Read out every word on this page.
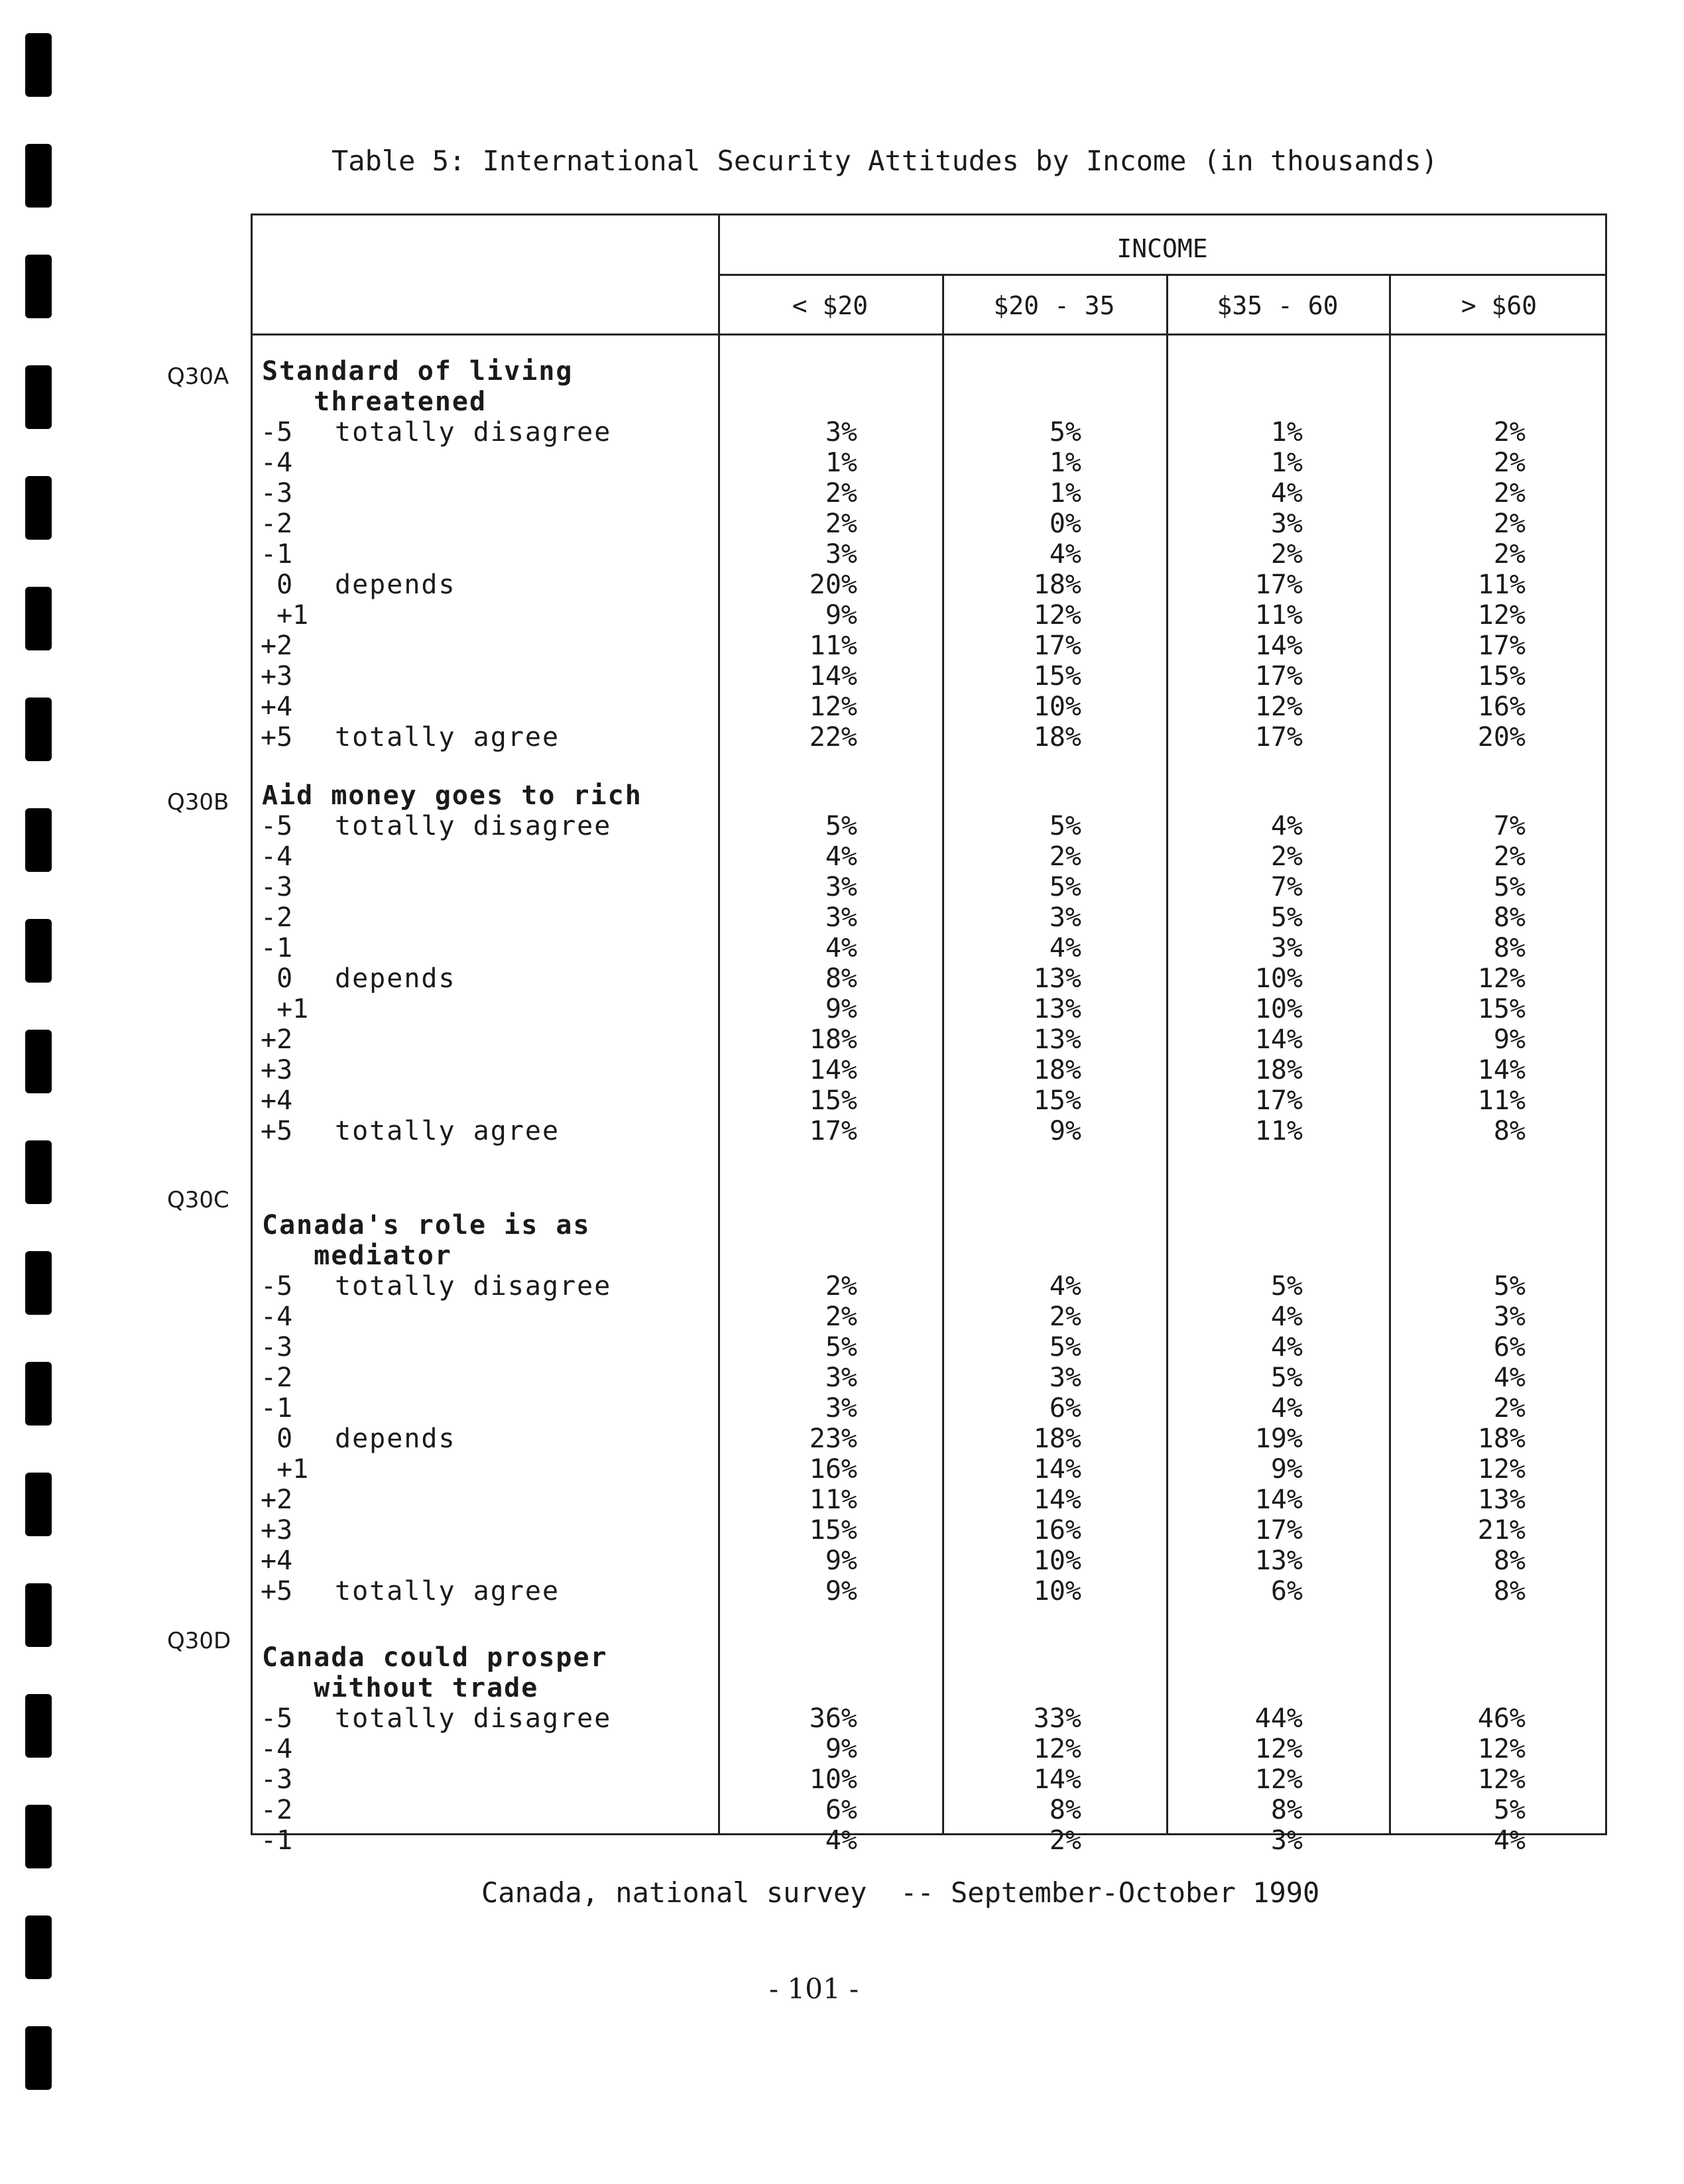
Table 5: International Security Attitudes by Income (in thousands)
INCOME
< $20	$20 - 35	$35 - 60	> $60
Standard of living
threatened
-5 totally disagree	3%	5%	1%	2%
-4	1%	1%	1%	2%
-3	2%	1%	4%	2%
-2	2%	0%	3%	2%
-1	3%	4%	2%	2%
0 depends	20%	18%	17%	11%
+1	9%	12%	11%	12%
+2	11%	17%	14%	17%
+3	14%	15%	17%	15%
+4	12%	10%	12%	16%
+5 totally agree	22%	18%	17%	20%
Aid money goes to rich
-5 totally disagree	5%	5%	4%	7%
-4	4%	2%	2%	2%
-3	3%	5%	7%	5%
-2	3%	3%	5%	8%
-1	4%	4%	3%	8%
0 depends	8%	13%	10%	12%
+1	9%	13%	10%	15%
+2	18%	13%	14%	9%
+3	14%	18%	18%	14%
+4	15%	15%	17%	11%
+5 totally agree	17%	9%	11%	8%
Canada's role is as
mediator
-5 totally disagree	2%	4%	5%	5%
-4	2%	2%	4%	3%
-3	5%	5%	4%	6%
-2	3%	3%	5%	4%
-1	3%	6%	4%	2%
0 depends	23%	18%	19%	18%
+1	16%	14%	9%	12%
+2	11%	14%	14%	13%
+3	15%	16%	17%	21%
+4	9%	10%	13%	8%
+5 totally agree	9%	10%	6%	8%
Canada could prosper
without trade
-5 totally disagree	36%	33%	44%	46%
-4	9%	12%	12%	12%
-3	10%	14%	12%	12%
-2	6%	8%	8%	5%
-1	4%	2%	3%	4%
Q30A
Q30B
Q30C
Q30D
Canada, national survey  -- September-October 1990
- 101 -
